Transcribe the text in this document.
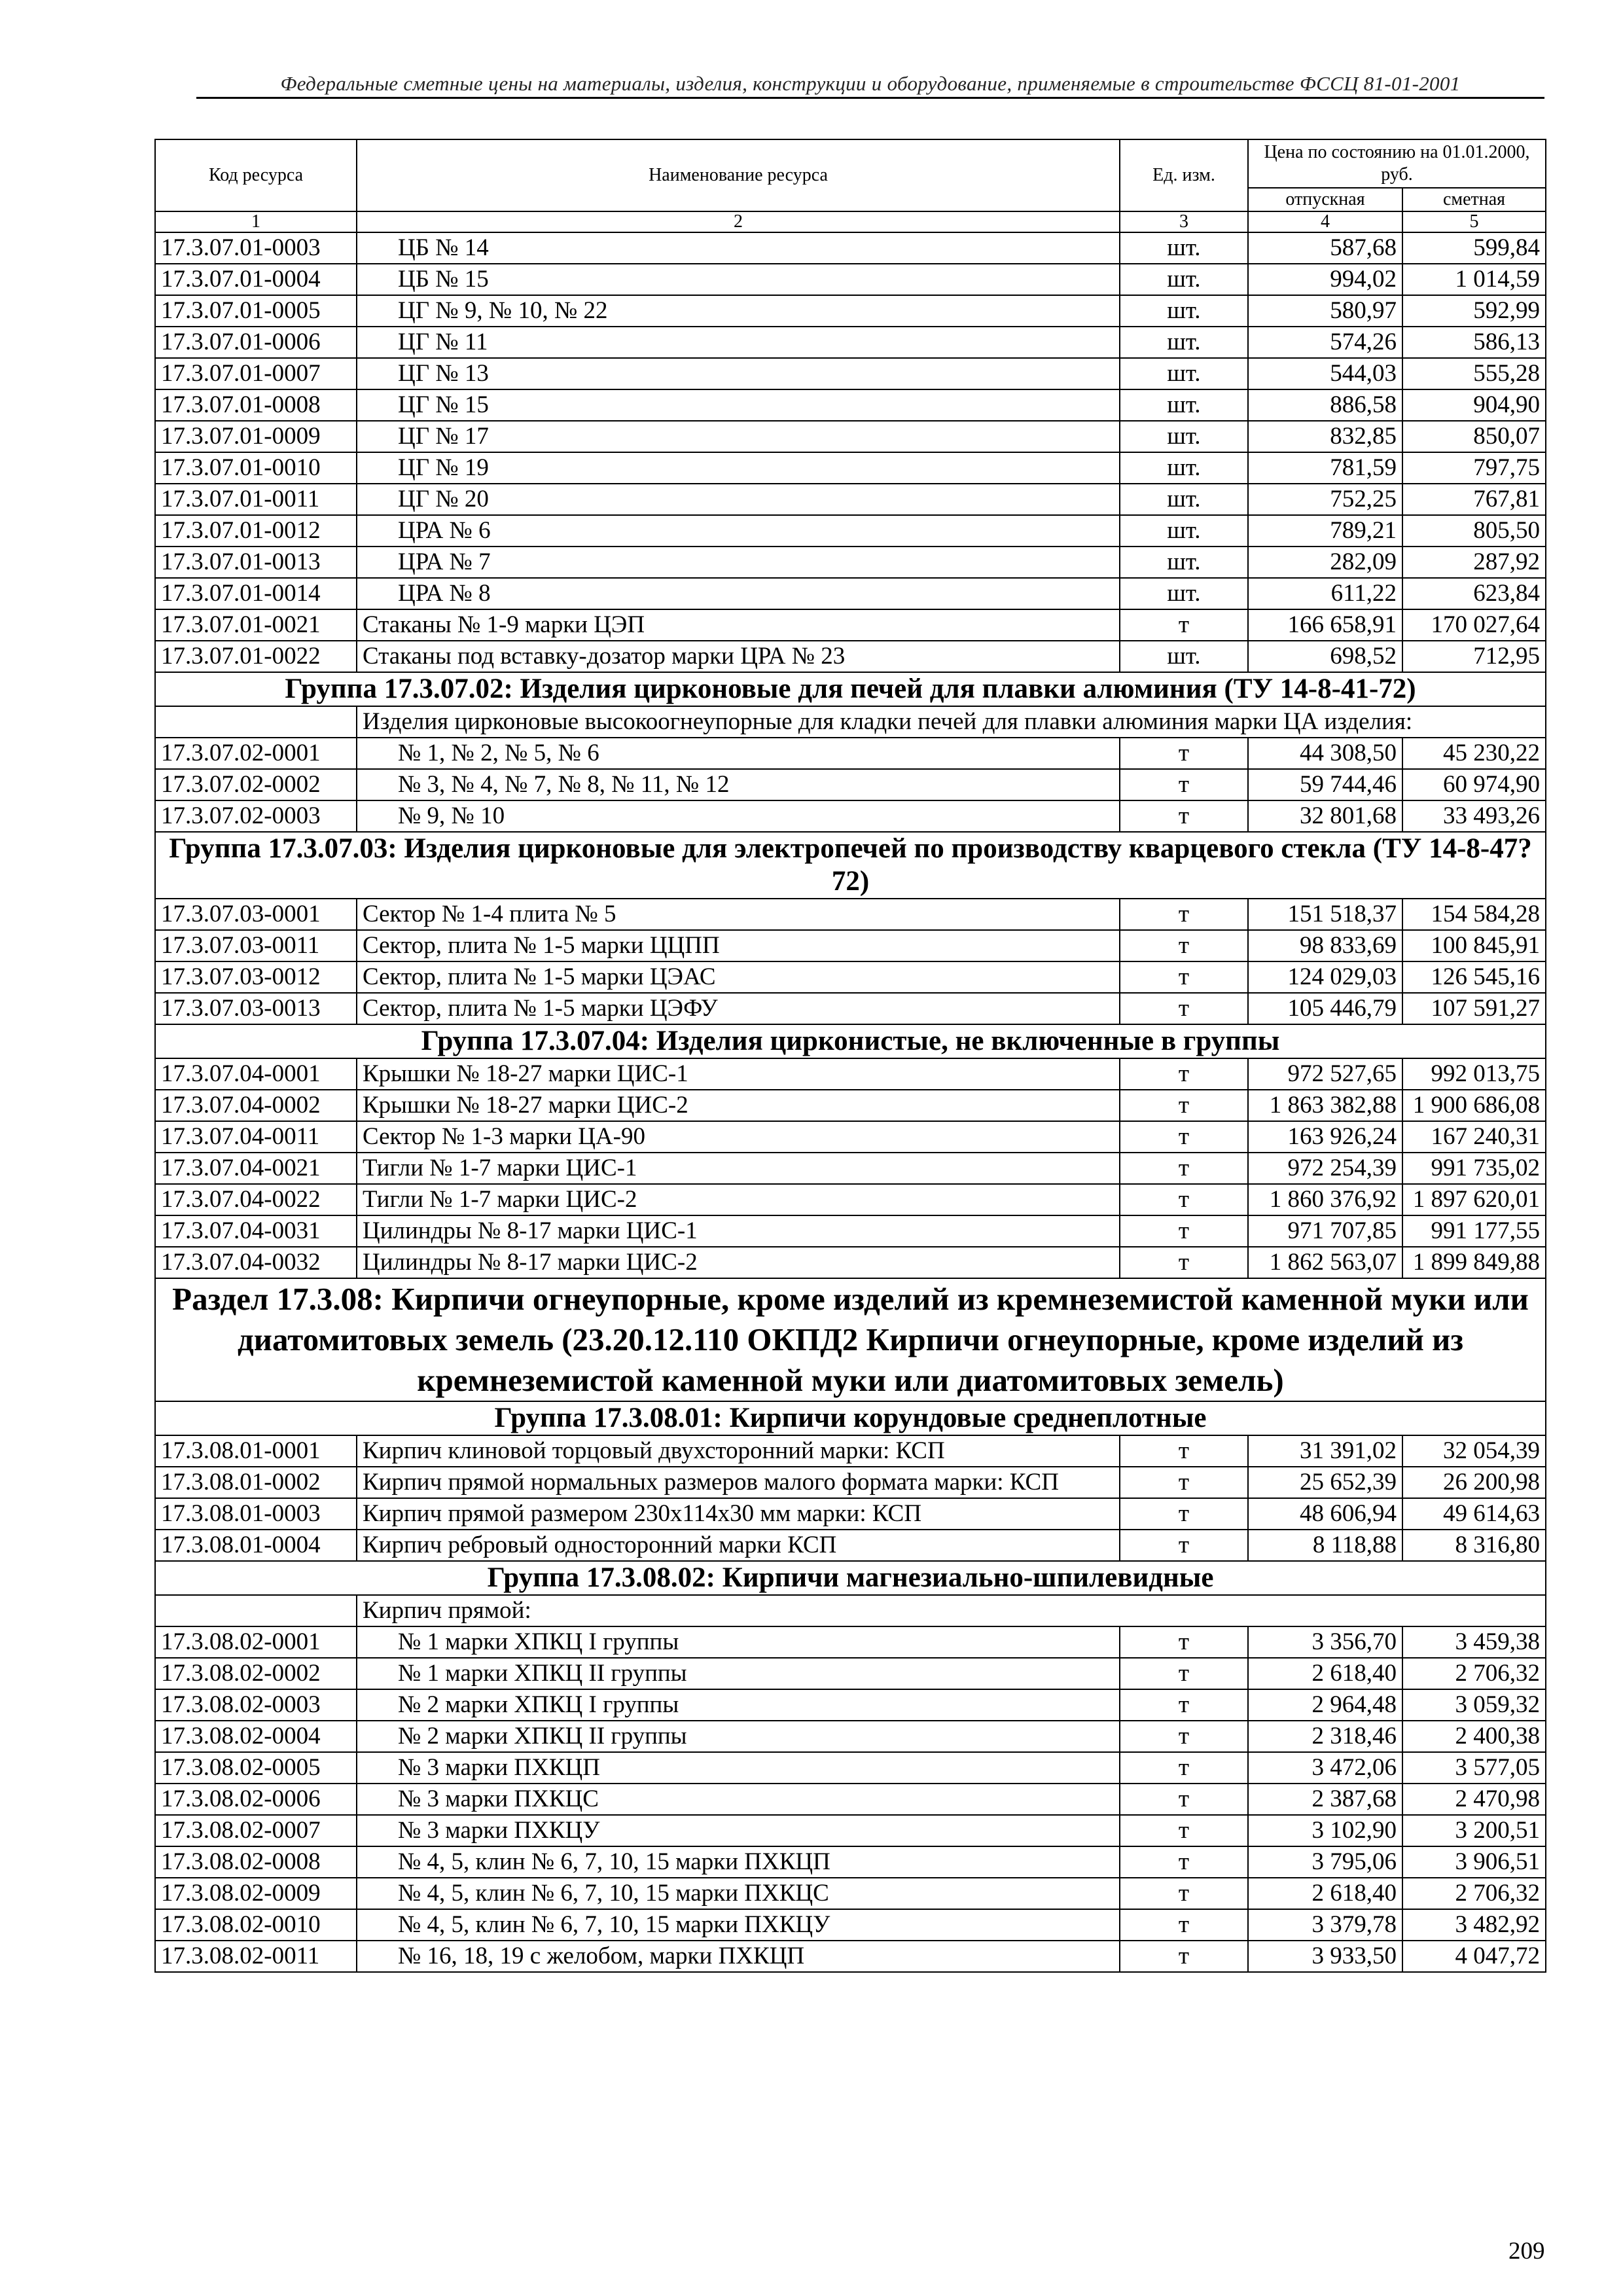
Федеральные сметные цены на материалы, изделия, конструкции и оборудование, применяемые в строительстве ФССЦ 81-01-2001
Код ресурса	Наименование ресурса	Ед. изм.	Цена по состоянию на 01.01.2000, руб.	
			отпускная	сметная
1	2	3	4	5
17.3.07.01-0003	ЦБ № 14	шт.	587,68	599,84
17.3.07.01-0004	ЦБ № 15	шт.	994,02	1 014,59
17.3.07.01-0005	ЦГ № 9, № 10, № 22	шт.	580,97	592,99
17.3.07.01-0006	ЦГ № 11	шт.	574,26	586,13
17.3.07.01-0007	ЦГ № 13	шт.	544,03	555,28
17.3.07.01-0008	ЦГ № 15	шт.	886,58	904,90
17.3.07.01-0009	ЦГ № 17	шт.	832,85	850,07
17.3.07.01-0010	ЦГ № 19	шт.	781,59	797,75
17.3.07.01-0011	ЦГ № 20	шт.	752,25	767,81
17.3.07.01-0012	ЦРА № 6	шт.	789,21	805,50
17.3.07.01-0013	ЦРА № 7	шт.	282,09	287,92
17.3.07.01-0014	ЦРА № 8	шт.	611,22	623,84
17.3.07.01-0021	Стаканы № 1-9 марки ЦЭП	т	166 658,91	170 027,64
17.3.07.01-0022	Стаканы под вставку-дозатор марки ЦРА № 23	шт.	698,52	712,95
Группа 17.3.07.02: Изделия цирконовые для печей для плавки алюминия (ТУ 14-8-41-72)				
	Изделия цирконовые высокоогнеупорные для кладки печей для плавки алюминия марки ЦА изделия:			
17.3.07.02-0001	№ 1, № 2, № 5, № 6	т	44 308,50	45 230,22
17.3.07.02-0002	№ 3, № 4, № 7, № 8, № 11, № 12	т	59 744,46	60 974,90
17.3.07.02-0003	№ 9, № 10	т	32 801,68	33 493,26
Группа 17.3.07.03: Изделия цирконовые для электропечей по производству кварцевого стекла (ТУ 14-8-47?72)				
17.3.07.03-0001	Сектор № 1-4 плита № 5	т	151 518,37	154 584,28
17.3.07.03-0011	Сектор, плита № 1-5 марки ЦЦПП	т	98 833,69	100 845,91
17.3.07.03-0012	Сектор, плита № 1-5 марки ЦЭАС	т	124 029,03	126 545,16
17.3.07.03-0013	Сектор, плита № 1-5 марки ЦЭФУ	т	105 446,79	107 591,27
Группа 17.3.07.04: Изделия цирконистые, не включенные в группы				
17.3.07.04-0001	Крышки № 18-27 марки ЦИС-1	т	972 527,65	992 013,75
17.3.07.04-0002	Крышки № 18-27 марки ЦИС-2	т	1 863 382,88	1 900 686,08
17.3.07.04-0011	Сектор № 1-3 марки ЦА-90	т	163 926,24	167 240,31
17.3.07.04-0021	Тигли № 1-7 марки ЦИС-1	т	972 254,39	991 735,02
17.3.07.04-0022	Тигли № 1-7 марки ЦИС-2	т	1 860 376,92	1 897 620,01
17.3.07.04-0031	Цилиндры № 8-17 марки ЦИС-1	т	971 707,85	991 177,55
17.3.07.04-0032	Цилиндры № 8-17 марки ЦИС-2	т	1 862 563,07	1 899 849,88
Раздел 17.3.08: Кирпичи огнеупорные, кроме изделий из кремнеземистой каменной муки или диатомитовых земель (23.20.12.110 ОКПД2 Кирпичи огнеупорные, кроме изделий из кремнеземистой каменной муки или диатомитовых земель)				
Группа 17.3.08.01: Кирпичи корундовые среднеплотные				
17.3.08.01-0001	Кирпич клиновой торцовый двухсторонний марки: КСП	т	31 391,02	32 054,39
17.3.08.01-0002	Кирпич прямой нормальных размеров малого формата марки: КСП	т	25 652,39	26 200,98
17.3.08.01-0003	Кирпич прямой размером 230х114х30 мм марки: КСП	т	48 606,94	49 614,63
17.3.08.01-0004	Кирпич ребровый односторонний марки КСП	т	8 118,88	8 316,80
Группа 17.3.08.02: Кирпичи магнезиально-шпилевидные				
	Кирпич прямой:			
17.3.08.02-0001	№ 1 марки ХПКЦ I группы	т	3 356,70	3 459,38
17.3.08.02-0002	№ 1 марки ХПКЦ II группы	т	2 618,40	2 706,32
17.3.08.02-0003	№ 2 марки ХПКЦ I группы	т	2 964,48	3 059,32
17.3.08.02-0004	№ 2 марки ХПКЦ II группы	т	2 318,46	2 400,38
17.3.08.02-0005	№ 3 марки ПХКЦП	т	3 472,06	3 577,05
17.3.08.02-0006	№ 3 марки ПХКЦС	т	2 387,68	2 470,98
17.3.08.02-0007	№ 3 марки ПХКЦУ	т	3 102,90	3 200,51
17.3.08.02-0008	№ 4, 5, клин № 6, 7, 10, 15 марки ПХКЦП	т	3 795,06	3 906,51
17.3.08.02-0009	№ 4, 5, клин № 6, 7, 10, 15 марки ПХКЦС	т	2 618,40	2 706,32
17.3.08.02-0010	№ 4, 5, клин № 6, 7, 10, 15 марки ПХКЦУ	т	3 379,78	3 482,92
17.3.08.02-0011	№ 16, 18, 19 с желобом, марки ПХКЦП	т	3 933,50	4 047,72
209
